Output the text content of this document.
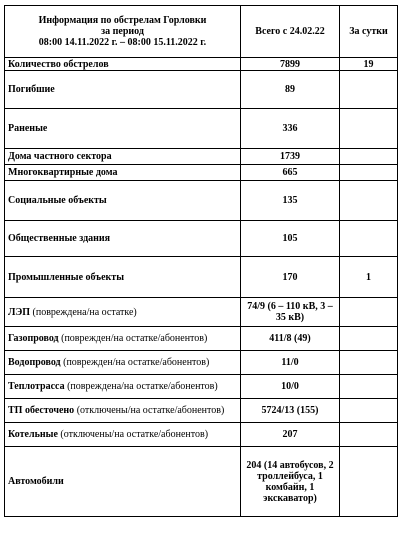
Информация по обстрелам Горловки
за период
08:00 14.11.2022 г. – 08:00 15.11.2022 г.	Всего с 24.02.22	За сутки
Количество обстрелов	7899	19
Погибшие	89	
Раненые	336	
Дома частного сектора	1739	
Многоквартирные дома	665	
Социальные объекты	135	
Общественные здания	105	
Промышленные объекты	170	1
ЛЭП (повреждена/на остатке)	74/9 (6 – 110 кВ, 3 – 35 кВ)	
Газопровод (поврежден/на остатке/абонентов)	411/8 (49)	
Водопровод (поврежден/на остатке/абонентов)	11/0	
Теплотрасса (повреждена/на остатке/абонентов)	10/0	
ТП обесточено (отключены/на остатке/абонентов)	5724/13 (155)	
Котельные (отключены/на остатке/абонентов)	207	
Автомобили	204 (14 автобусов, 2 троллейбуса, 1 комбайн, 1 экскаватор)	
